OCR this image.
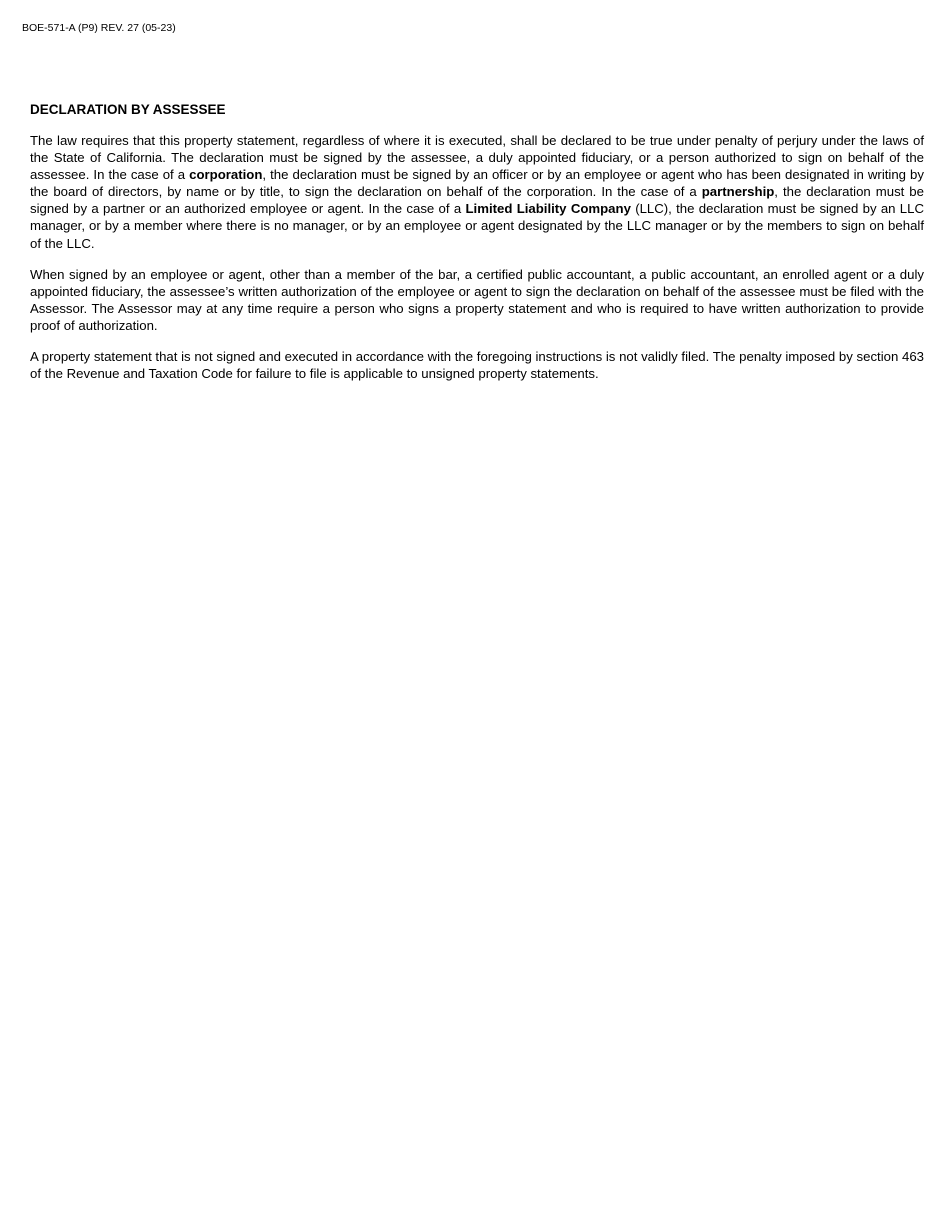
BOE-571-A (P9) REV. 27 (05-23)
DECLARATION BY ASSESSEE

The law requires that this property statement, regardless of where it is executed, shall be declared to be true under penalty of perjury under the laws of the State of California. The declaration must be signed by the assessee, a duly appointed fiduciary, or a person authorized to sign on behalf of the assessee. In the case of a corporation, the declaration must be signed by an officer or by an employee or agent who has been designated in writing by the board of directors, by name or by title, to sign the declaration on behalf of the corporation. In the case of a partnership, the declaration must be signed by a partner or an authorized employee or agent. In the case of a Limited Liability Company (LLC), the declaration must be signed by an LLC manager, or by a member where there is no manager, or by an employee or agent designated by the LLC manager or by the members to sign on behalf of the LLC.

When signed by an employee or agent, other than a member of the bar, a certified public accountant, a public accountant, an enrolled agent or a duly appointed fiduciary, the assessee’s written authorization of the employee or agent to sign the declaration on behalf of the assessee must be filed with the Assessor. The Assessor may at any time require a person who signs a property statement and who is required to have written authorization to provide proof of authorization.

A property statement that is not signed and executed in accordance with the foregoing instructions is not validly filed. The penalty imposed by section 463 of the Revenue and Taxation Code for failure to file is applicable to unsigned property statements.
